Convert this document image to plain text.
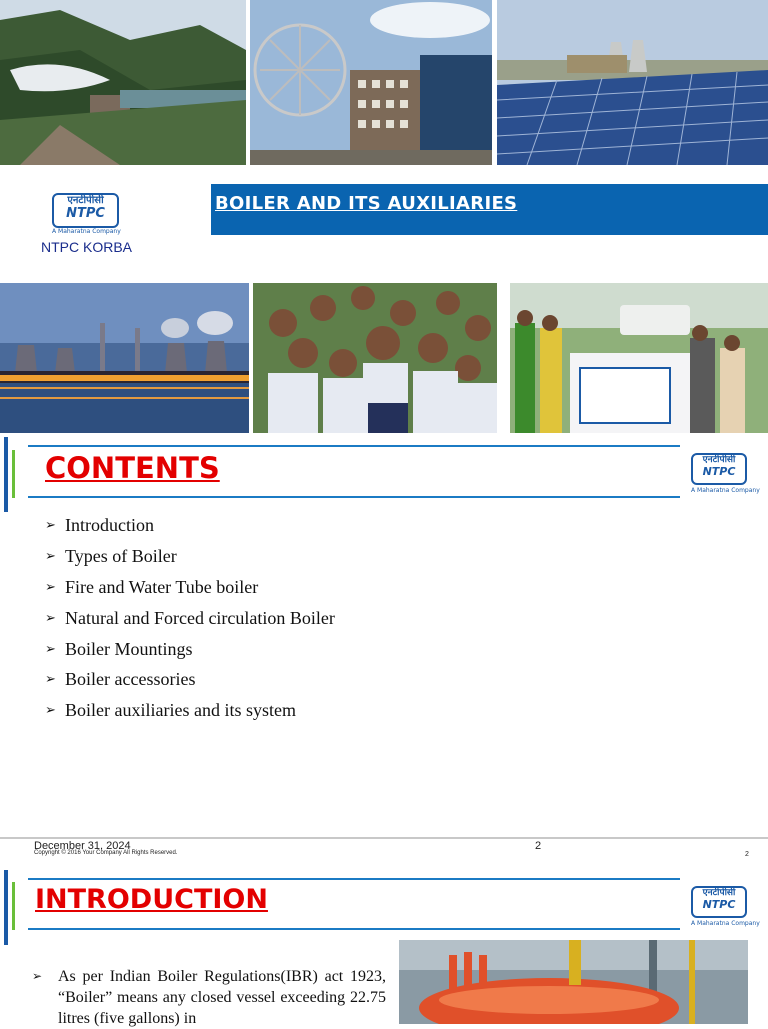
एनटीपीसी
NTPC
A Maharatna Company
NTPC KORBA
BOILER AND ITS AUXILIARIES
CONTENTS	एनटीपीसी
NTPC
A Maharatna Company
➢ Introduction
➢ Types of Boiler
➢ Fire and Water Tube boiler
➢ Natural and Forced circulation Boiler
➢ Boiler Mountings
➢ Boiler accessories
➢ Boiler auxiliaries and its system
December 31, 2024
Copyright © 2016 Your Company All Rights Reserved.
2
2
INTRODUCTION	एनटीपीसी
NTPC
A Maharatna Company
➢ As per Indian Boiler Regulations(IBR) act 1923, “Boiler” means any closed vessel exceeding 22.75 litres (five gallons) in
